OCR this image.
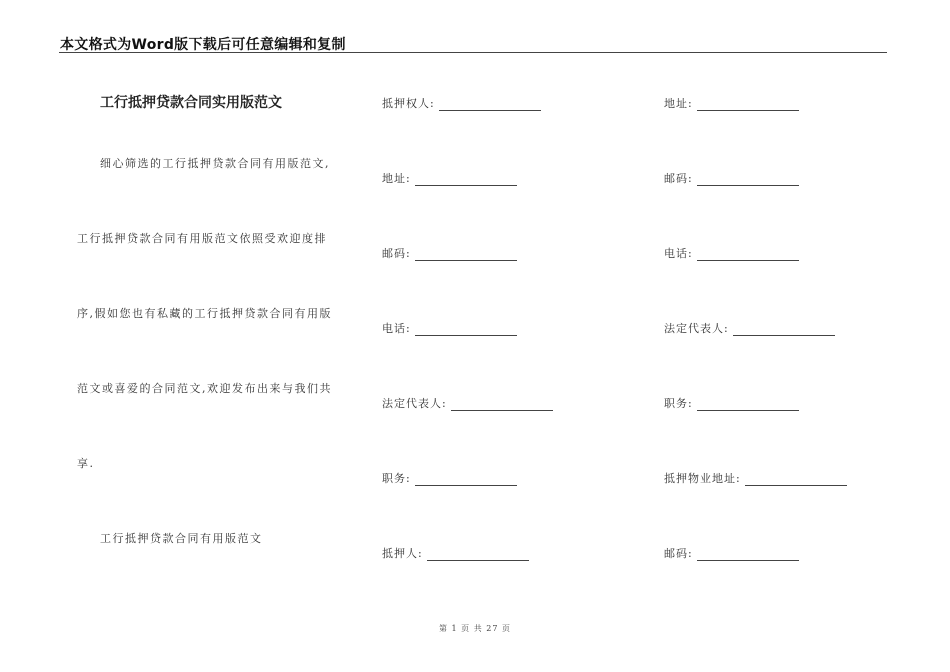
本文格式为Word版下载后可任意编辑和复制
工行抵押贷款合同实用版范文
细心筛选的工行抵押贷款合同有用版范文,
工行抵押贷款合同有用版范文依照受欢迎度排
序,假如您也有私藏的工行抵押贷款合同有用版
范文或喜爱的合同范文,欢迎发布出来与我们共
享.
工行抵押贷款合同有用版范文
抵押权人:
地址:
邮码:
电话:
法定代表人:
职务:
抵押人:
地址:
邮码:
电话:
法定代表人:
职务:
抵押物业地址:
邮码:
第 1 页 共 27 页
